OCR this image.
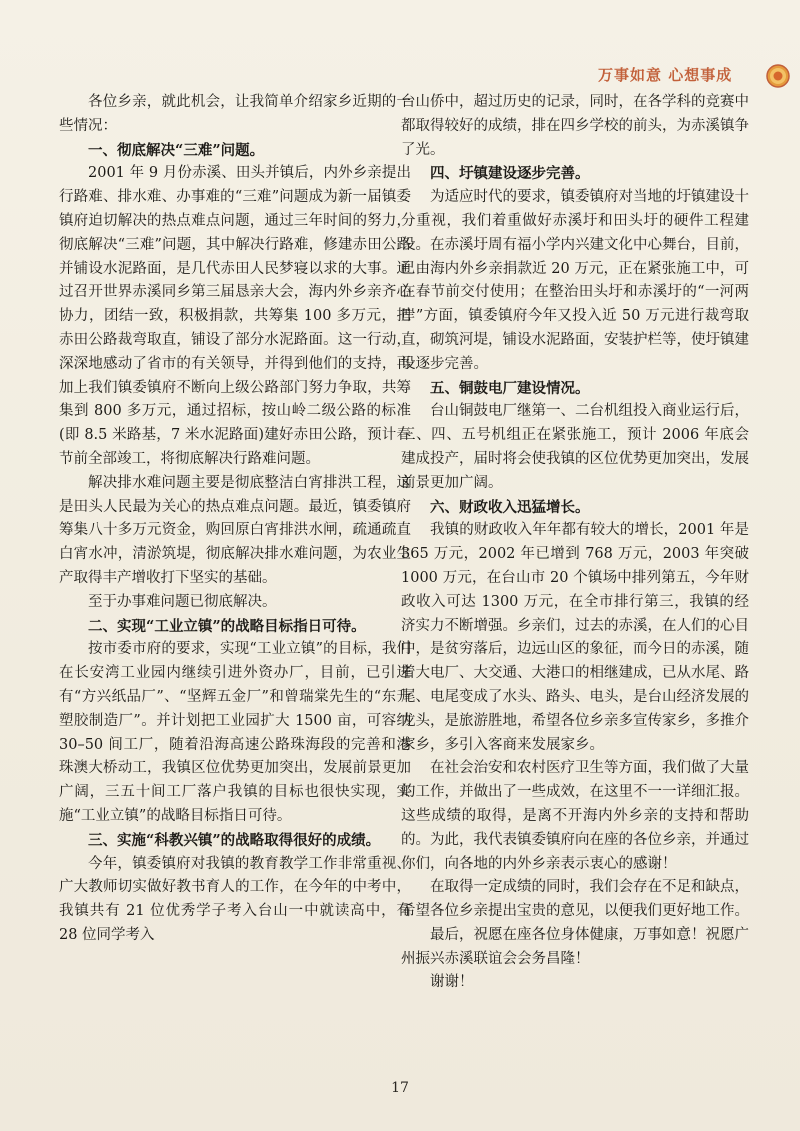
万事如意 心想事成

各位乡亲，就此机会，让我简单介绍家乡近期的一些情况：

一、彻底解决“三难”问题。

2001 年 9 月份赤溪、田头并镇后，内外乡亲提出行路难、排水难、办事难的“三难”问题成为新一届镇委镇府迫切解决的热点难点问题，通过三年时间的努力，彻底解决“三难”问题，其中解决行路难，修建赤田公路并铺设水泥路面，是几代赤田人民梦寝以求的大事。通过召开世界赤溪同乡第三届恳亲大会，海内外乡亲齐心协力，团结一致，积极捐款，共筹集 100 多万元，把赤田公路裁弯取直，铺设了部分水泥路面。这一行动，深深地感动了省市的有关领导，并得到他们的支持，再加上我们镇委镇府不断向上级公路部门努力争取，共筹集到 800 多万元，通过招标，按山岭二级公路的标准(即 8.5 米路基，7 米水泥路面)建好赤田公路，预计春节前全部竣工，将彻底解决行路难问题。

解决排水难问题主要是彻底整洁白宵排洪工程，这是田头人民最为关心的热点难点问题。最近，镇委镇府筹集八十多万元资金，购回原白宵排洪水闸，疏通疏直白宵水冲，清淤筑堤，彻底解决排水难问题，为农业生产取得丰产增收打下坚实的基础。

至于办事难问题已彻底解决。

二、实现“工业立镇”的战略目标指日可待。

按市委市府的要求，实现“工业立镇”的目标，我们在长安湾工业园内继续引进外资办厂，目前，已引进有“方兴纸品厂”、“坚辉五金厂”和曾瑞棠先生的“东升塑胶制造厂”。并计划把工业园扩大 1500 亩，可容纳 30–50 间工厂，随着沿海高速公路珠海段的完善和港珠澳大桥动工，我镇区位优势更加突出，发展前景更加广阔，三五十间工厂落户我镇的目标也很快实现，实施“工业立镇”的战略目标指日可待。

三、实施“科教兴镇”的战略取得很好的成绩。

今年，镇委镇府对我镇的教育教学工作非常重视、广大教师切实做好教书育人的工作，在今年的中考中，我镇共有 21 位优秀学子考入台山一中就读高中，有 28 位同学考入

台山侨中，超过历史的记录，同时，在各学科的竞赛中都取得较好的成绩，排在四乡学校的前头，为赤溪镇争了光。

四、圩镇建设逐步完善。

为适应时代的要求，镇委镇府对当地的圩镇建设十分重视，我们着重做好赤溪圩和田头圩的硬件工程建设。在赤溪圩周有福小学内兴建文化中心舞台，目前，已由海内外乡亲捐款近 20 万元，正在紧张施工中，可在春节前交付使用；在整治田头圩和赤溪圩的“一河两岸”方面，镇委镇府今年又投入近 50 万元进行裁弯取直，砌筑河堤，铺设水泥路面，安装护栏等，使圩镇建设逐步完善。

五、铜鼓电厂建设情况。

台山铜鼓电厂继第一、二台机组投入商业运行后，三、四、五号机组正在紧张施工，预计 2006 年底会建成投产，届时将会使我镇的区位优势更加突出，发展前景更加广阔。

六、财政收入迅猛增长。

我镇的财政收入年年都有较大的增长，2001 年是 365 万元，2002 年已增到 768 万元，2003 年突破 1000 万元，在台山市 20 个镇场中排列第五，今年财政收入可达 1300 万元，在全市排行第三，我镇的经济实力不断增强。乡亲们，过去的赤溪，在人们的心目中，是贫穷落后，边远山区的象征，而今日的赤溪，随着大电厂、大交通、大港口的相继建成，已从水尾、路尾、电尾变成了水头、路头、电头，是台山经济发展的龙头，是旅游胜地，希望各位乡亲多宣传家乡，多推介家乡，多引入客商来发展家乡。

在社会治安和农村医疗卫生等方面，我们做了大量的工作，并做出了一些成效，在这里不一一详细汇报。这些成绩的取得，是离不开海内外乡亲的支持和帮助的。为此，我代表镇委镇府向在座的各位乡亲，并通过你们，向各地的内外乡亲表示衷心的感谢！

在取得一定成绩的同时，我们会存在不足和缺点，希望各位乡亲提出宝贵的意见，以便我们更好地工作。

最后，祝愿在座各位身体健康，万事如意！祝愿广州振兴赤溪联谊会会务昌隆！

谢谢！

17
